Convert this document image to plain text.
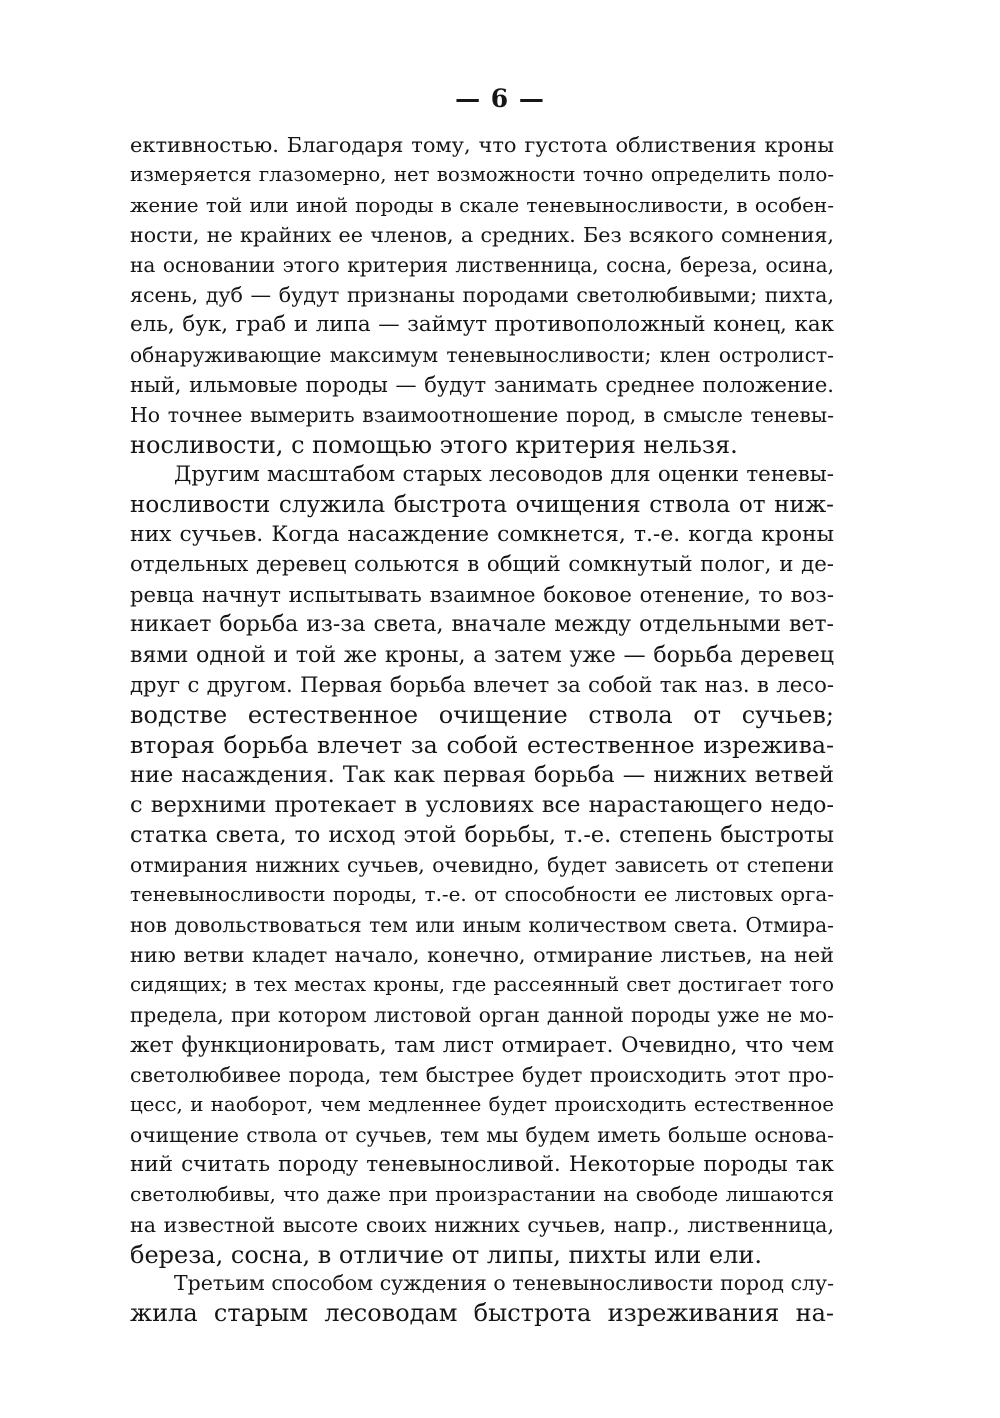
— 6 —
ективностью. Благодаря тому, что густота облиствения кроны
измеряется глазомерно, нет возможности точно определить поло-
жение той или иной породы в скале теневыносливости, в особен-
ности, не крайних ее членов, а средних. Без всякого сомнения,
на основании этого критерия лиственница, сосна, береза, осина,
ясень, дуб — будут признаны породами светолюбивыми; пихта,
ель, бук, граб и липа — займут противоположный конец, как
обнаруживающие максимум теневыносливости; клен остролист-
ный, ильмовые породы — будут занимать среднее положение.
Но точнее вымерить взаимоотношение пород, в смысле теневы-
носливости, с помощью этого критерия нельзя.
Другим масштабом старых лесоводов для оценки теневы-
носливости служила быстрота очищения ствола от ниж-
них сучьев. Когда насаждение сомкнется, т.-е. когда кроны
отдельных деревец сольются в общий сомкнутый полог, и де-
ревца начнут испытывать взаимное боковое отенение, то воз-
никает борьба из-за света, вначале между отдельными вет-
вями одной и той же кроны, а затем уже — борьба деревец
друг с другом. Первая борьба влечет за собой так наз. в лесо-
водстве естественное очищение ствола от сучьев;
вторая борьба влечет за собой естественное изрежива-
ние насаждения. Так как первая борьба — нижних ветвей
с верхними протекает в условиях все нарастающего недо-
статка света, то исход этой борьбы, т.-е. степень быстроты
отмирания нижних сучьев, очевидно, будет зависеть от степени
теневыносливости породы, т.-е. от способности ее листовых орга-
нов довольствоваться тем или иным количеством света. Отмира-
нию ветви кладет начало, конечно, отмирание листьев, на ней
сидящих; в тех местах кроны, где рассеянный свет достигает того
предела, при котором листовой орган данной породы уже не мо-
жет функционировать, там лист отмирает. Очевидно, что чем
светолюбивее порода, тем быстрее будет происходить этот про-
цесс, и наоборот, чем медленнее будет происходить естественное
очищение ствола от сучьев, тем мы будем иметь больше основа-
ний считать породу теневыносливой. Некоторые породы так
светолюбивы, что даже при произрастании на свободе лишаются
на известной высоте своих нижних сучьев, напр., лиственница,
береза, сосна, в отличие от липы, пихты или ели.
Третьим способом суждения о теневыносливости пород слу-
жила старым лесоводам быстрота изреживания на-
